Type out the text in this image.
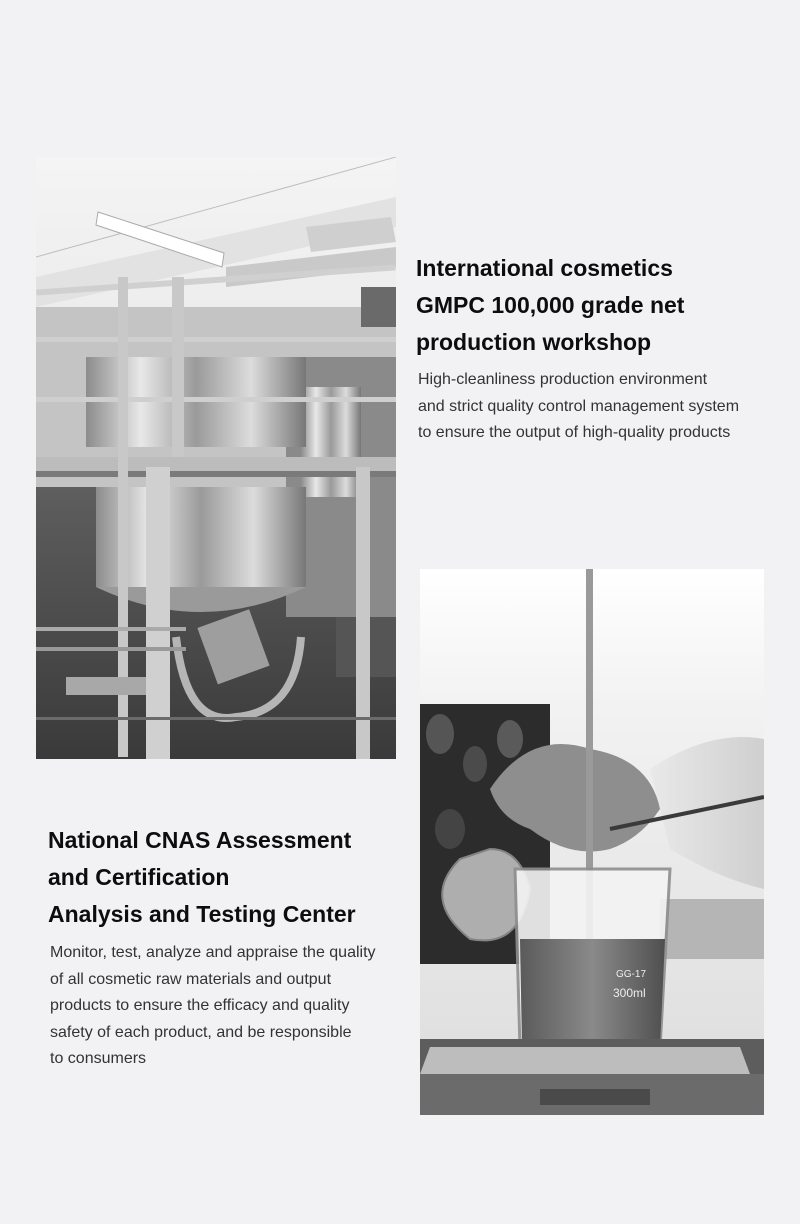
International cosmetics
GMPC 100,000 grade net
production workshop

High-cleanliness production environment
and strict quality control management system
to ensure the output of high-quality products

GG-17
300ml
National CNAS Assessment
and Certification
Analysis and Testing Center

Monitor, test, analyze and appraise the quality
of all cosmetic raw materials and output
products to ensure the efficacy and quality
safety of each product, and be responsible
to consumers
